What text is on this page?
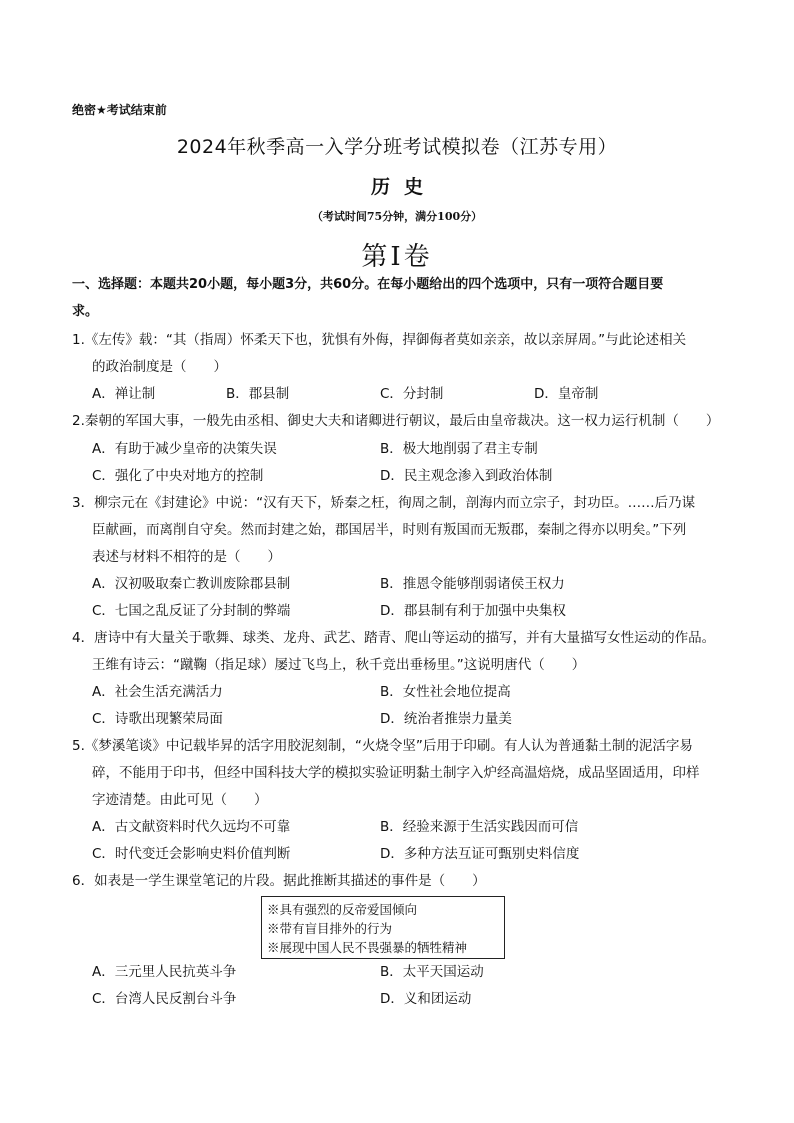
绝密★考试结束前
2024年秋季高一入学分班考试模拟卷（江苏专用）
历史
（考试时间75分钟，满分100分）
第Ⅰ卷
一、选择题：本题共20小题，每小题3分，共60分。在每小题给出的四个选项中，只有一项符合题目要
求。
1.《左传》载：“其（指周）怀柔天下也，犹惧有外侮，捍御侮者莫如亲亲，故以亲屏周。”与此论述相关
的政治制度是（　　）
A．禅让制	B．郡县制	C．分封制	D．皇帝制
2.秦朝的军国大事，一般先由丞相、御史大夫和诸卿进行朝议，最后由皇帝裁决。这一权力运行机制（　　）
A．有助于减少皇帝的决策失误	B．极大地削弱了君主专制
C．强化了中央对地方的控制	D．民主观念渗入到政治体制
3．柳宗元在《封建论》中说：“汉有天下，矫秦之枉，徇周之制，剖海内而立宗子，封功臣。……后乃谋
臣献画，而离削自守矣。然而封建之始，郡国居半，时则有叛国而无叛郡，秦制之得亦以明矣。”下列
表述与材料不相符的是（　　）
A．汉初吸取秦亡教训废除郡县制	B．推恩令能够削弱诸侯王权力
C．七国之乱反证了分封制的弊端	D．郡县制有利于加强中央集权
4．唐诗中有大量关于歌舞、球类、龙舟、武艺、踏青、爬山等运动的描写，并有大量描写女性运动的作品。
王维有诗云：“蹴鞠（指足球）屡过飞鸟上，秋千竞出垂杨里。”这说明唐代（　　）
A．社会生活充满活力	B．女性社会地位提高
C．诗歌出现繁荣局面	D．统治者推崇力量美
5.《梦溪笔谈》中记载毕昇的活字用胶泥刻制，“火烧令坚”后用于印刷。有人认为普通黏土制的泥活字易
碎，不能用于印书，但经中国科技大学的模拟实验证明黏土制字入炉经高温焙烧，成品坚固适用，印样
字迹清楚。由此可见（　　）
A．古文献资料时代久远均不可靠	B．经验来源于生活实践因而可信
C．时代变迁会影响史料价值判断	D．多种方法互证可甄别史料信度
6．如表是一学生课堂笔记的片段。据此推断其描述的事件是（　　）
※具有强烈的反帝爱国倾向
※带有盲目排外的行为
※展现中国人民不畏强暴的牺牲精神
A．三元里人民抗英斗争	B．太平天国运动
C．台湾人民反割台斗争	D．义和团运动
